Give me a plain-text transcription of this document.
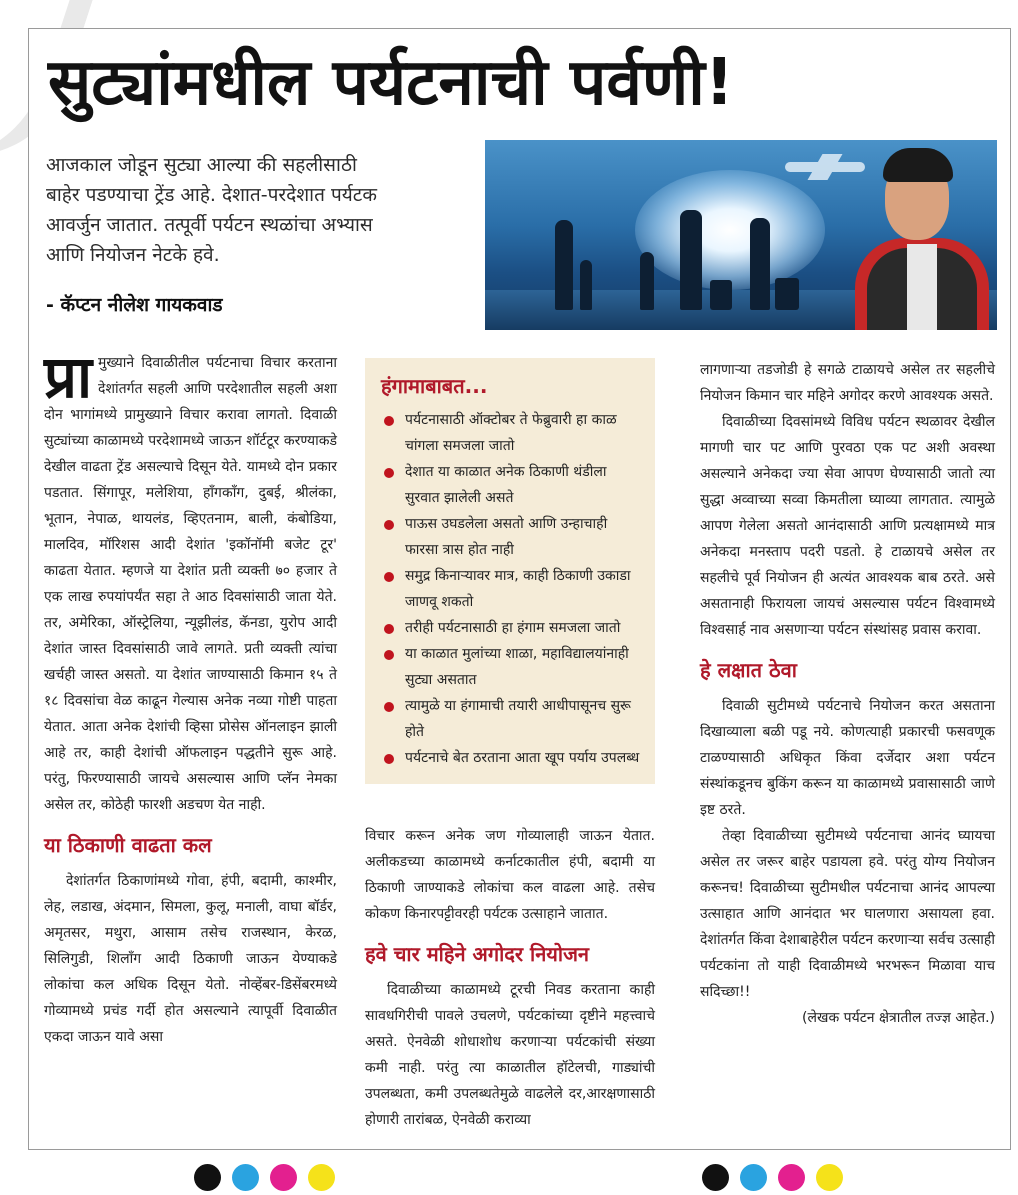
सुट्यांमधील पर्यटनाची पर्वणी!

आजकाल जोडून सुट्या आल्या की सहलीसाठी

बाहेर पडण्याचा ट्रेंड आहे. देशात-परदेशात पर्यटक

आवर्जुन जातात. तत्पूर्वी पर्यटन स्थळांचा अभ्यास

आणि नियोजन नेटके हवे.

- कॅप्टन नीलेश गायकवाड

प्रा मुख्याने दिवाळीतील पर्यटनाचा विचार करताना देशांतर्गत सहली आणि परदेशातील सहली अशा दोन भागांमध्ये प्रामुख्याने विचार करावा लागतो. दिवाळी सुट्यांच्या काळामध्ये परदेशामध्ये जाऊन शॉर्टटूर करण्याकडे देखील वाढता ट्रेंड असल्याचे दिसून येते. यामध्ये दोन प्रकार पडतात. सिंगापूर, मलेशिया, हाँगकाँग, दुबई, श्रीलंका, भूतान, नेपाळ, थायलंड, व्हिएतनाम, बाली, कंबोडिया, मालदिव, मॉरिशस आदी देशांत 'इकॉनॉमी बजेट टूर' काढता येतात. म्हणजे या देशांत प्रती व्यक्ती ७० हजार ते एक लाख रुपयांपर्यंत सहा ते आठ दिवसांसाठी जाता येते. तर, अमेरिका, ऑस्ट्रेलिया, न्यूझीलंड, कॅनडा, युरोप आदी देशांत जास्त दिवसांसाठी जावे लागते. प्रती व्यक्ती त्यांचा खर्चही जास्त असतो. या देशांत जाण्यासाठी किमान १५ ते १८ दिवसांचा वेळ काढून गेल्यास अनेक नव्या गोष्टी पाहता येतात. आता अनेक देशांची व्हिसा प्रोसेस ऑनलाइन झाली आहे तर, काही देशांची ऑफलाइन पद्धतीने सुरू आहे. परंतु, फिरण्यासाठी जायचे असल्यास आणि प्लॅन नेमका असेल तर, कोठेही फारशी अडचण येत नाही.

या ठिकाणी वाढता कल

देशांतर्गत ठिकाणांमध्ये गोवा, हंपी, बदामी, काश्मीर, लेह, लडाख, अंदमान, सिमला, कुलू, मनाली, वाघा बॉर्डर, अमृतसर, मथुरा, आसाम तसेच राजस्थान, केरळ, सिलिगुडी, शिलाँग आदी ठिकाणी जाऊन येण्याकडे लोकांचा कल अधिक दिसून येतो. नोव्हेंबर-डिसेंबरमध्ये गोव्यामध्ये प्रचंड गर्दी होत असल्याने त्यापूर्वी दिवाळीत एकदा जाऊन यावे असा

हंगामाबाबत...
पर्यटनासाठी ऑक्टोबर ते फेब्रुवारी हा काळ चांगला समजला जातो
देशात या काळात अनेक ठिकाणी थंडीला सुरवात झालेली असते
पाऊस उघडलेला असतो आणि उन्हाचाही फारसा त्रास होत नाही
समुद्र किनाऱ्यावर मात्र, काही ठिकाणी उकाडा जाणवू शकतो
तरीही पर्यटनासाठी हा हंगाम समजला जातो
या काळात मुलांच्या शाळा, महाविद्यालयांनाही सुट्या असतात
त्यामुळे या हंगामाची तयारी आधीपासूनच सुरू होते
पर्यटनाचे बेत ठरताना आता खूप पर्याय उपलब्ध

विचार करून अनेक जण गोव्यालाही जाऊन येतात. अलीकडच्या काळामध्ये कर्नाटकातील हंपी, बदामी या ठिकाणी जाण्याकडे लोकांचा कल वाढला आहे. तसेच कोकण किनारपट्टीवरही पर्यटक उत्साहाने जातात.

हवे चार महिने अगोदर नियोजन

दिवाळीच्या काळामध्ये टूरची निवड करताना काही सावधगिरीची पावले उचलणे, पर्यटकांच्या दृष्टीने महत्त्वाचे असते. ऐनवेळी शोधाशोध करणाऱ्या पर्यटकांची संख्या कमी नाही. परंतु त्या काळातील हॉटेलची, गाड्यांची उपलब्धता, कमी उपलब्धतेमुळे वाढलेले दर,आरक्षणासाठी होणारी तारांबळ, ऐनवेळी कराव्या

लागणाऱ्या तडजोडी हे सगळे टाळायचे असेल तर सहलीचे नियोजन किमान चार महिने अगोदर करणे आवश्यक असते.

दिवाळीच्या दिवसांमध्ये विविध पर्यटन स्थळावर देखील मागणी चार पट आणि पुरवठा एक पट अशी अवस्था असल्याने अनेकदा ज्या सेवा आपण घेण्यासाठी जातो त्या सुद्धा अव्वाच्या सव्वा किमतीला घ्याव्या लागतात. त्यामुळे आपण गेलेला असतो आनंदासाठी आणि प्रत्यक्षामध्ये मात्र अनेकदा मनस्ताप पदरी पडतो. हे टाळायचे असेल तर सहलीचे पूर्व नियोजन ही अत्यंत आवश्यक बाब ठरते. असे असतानाही फिरायला जायचं असल्यास पर्यटन विश्वामध्ये विश्वसार्ह नाव असणाऱ्या पर्यटन संस्थांसह प्रवास करावा.

हे लक्षात ठेवा

दिवाळी सुटीमध्ये पर्यटनाचे नियोजन करत असताना दिखाव्याला बळी पडू नये. कोणत्याही प्रकारची फसवणूक टाळण्यासाठी अधिकृत किंवा दर्जेदार अशा पर्यटन संस्थांकडूनच बुकिंग करून या काळामध्ये प्रवासासाठी जाणे इष्ट ठरते.

तेव्हा दिवाळीच्या सुटीमध्ये पर्यटनाचा आनंद घ्यायचा असेल तर जरूर बाहेर पडायला हवे. परंतु योग्य नियोजन करूनच! दिवाळीच्या सुटीमधील पर्यटनाचा आनंद आपल्या उत्साहात आणि आनंदात भर घालणारा असायला हवा. देशांतर्गत किंवा देशाबाहेरील पर्यटन करणाऱ्या सर्वच उत्साही पर्यटकांना तो याही दिवाळीमध्ये भरभरून मिळावा याच सदिच्छा!!

(लेखक पर्यटन क्षेत्रातील तज्ज्ञ आहेत.)
